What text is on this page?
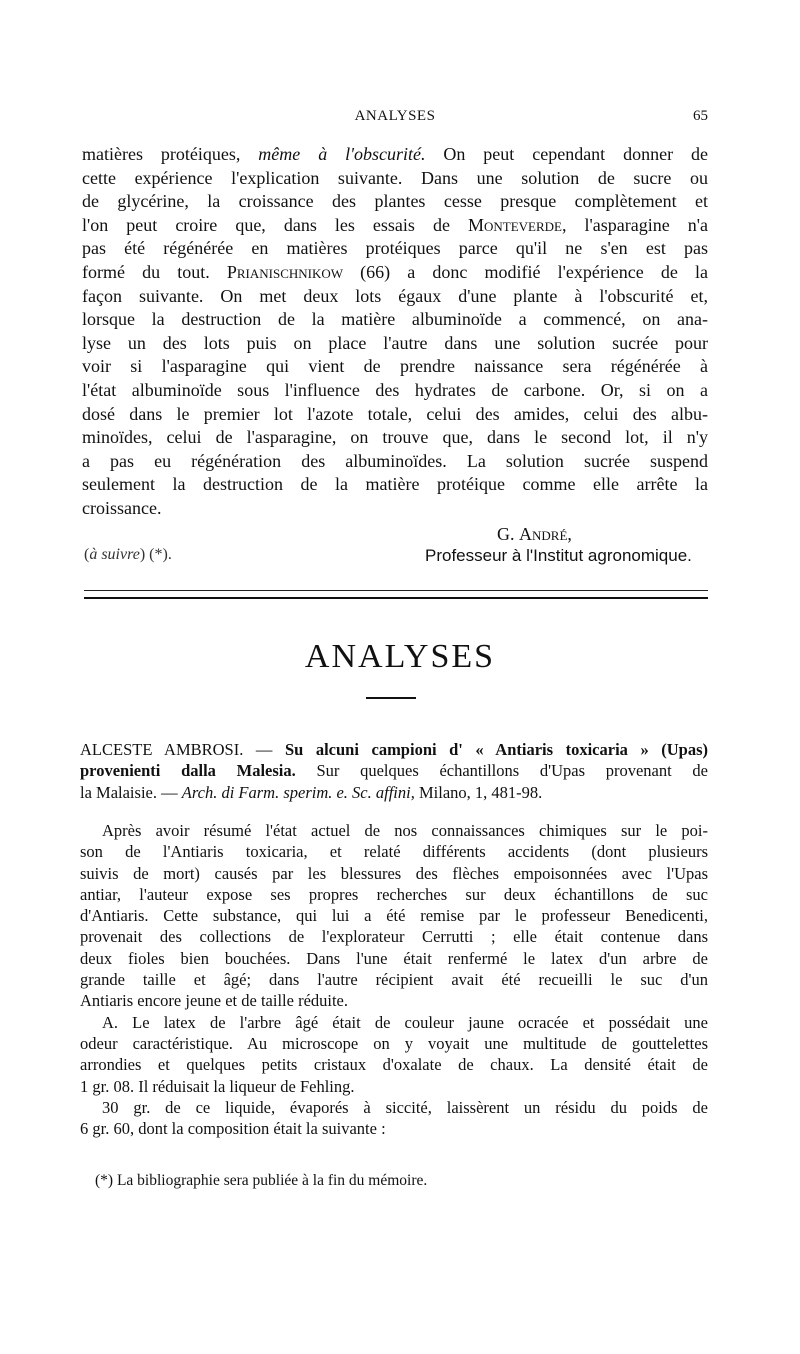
ANALYSES	65
matières protéiques, même à l'obscurité. On peut cependant donner de
cette expérience l'explication suivante. Dans une solution de sucre ou
de glycérine, la croissance des plantes cesse presque complètement et
l'on peut croire que, dans les essais de Monteverde, l'asparagine n'a
pas été régénérée en matières protéiques parce qu'il ne s'en est pas
formé du tout. Prianischnikow (66) a donc modifié l'expérience de la
façon suivante. On met deux lots égaux d'une plante à l'obscurité et,
lorsque la destruction de la matière albuminoïde a commencé, on ana-
lyse un des lots puis on place l'autre dans une solution sucrée pour
voir si l'asparagine qui vient de prendre naissance sera régénérée à
l'état albuminoïde sous l'influence des hydrates de carbone. Or, si on a
dosé dans le premier lot l'azote totale, celui des amides, celui des albu-
minoïdes, celui de l'asparagine, on trouve que, dans le second lot, il n'y
a pas eu régénération des albuminoïdes. La solution sucrée suspend
seulement la destruction de la matière protéique comme elle arrête la
croissance.
G. André,
(à suivre) (*).	Professeur à l'Institut agronomique.
ANALYSES
ALCESTE AMBROSI. — Su alcuni campioni d' « Antiaris toxicaria » (Upas)
provenienti dalla Malesia. Sur quelques échantillons d'Upas provenant de
la Malaisie. — Arch. di Farm. sperim. e. Sc. affini, Milano, 1, 481-98.
Après avoir résumé l'état actuel de nos connaissances chimiques sur le poi-
son de l'Antiaris toxicaria, et relaté différents accidents (dont plusieurs
suivis de mort) causés par les blessures des flèches empoisonnées avec l'Upas
antiar, l'auteur expose ses propres recherches sur deux échantillons de suc
d'Antiaris. Cette substance, qui lui a été remise par le professeur Benedicenti,
provenait des collections de l'explorateur Cerrutti ; elle était contenue dans
deux fioles bien bouchées. Dans l'une était renfermé le latex d'un arbre de
grande taille et âgé; dans l'autre récipient avait été recueilli le suc d'un
Antiaris encore jeune et de taille réduite.
A. Le latex de l'arbre âgé était de couleur jaune ocracée et possédait une
odeur caractéristique. Au microscope on y voyait une multitude de gouttelettes
arrondies et quelques petits cristaux d'oxalate de chaux. La densité était de
1 gr. 08. Il réduisait la liqueur de Fehling.
30 gr. de ce liquide, évaporés à siccité, laissèrent un résidu du poids de
6 gr. 60, dont la composition était la suivante :
(*) La bibliographie sera publiée à la fin du mémoire.
